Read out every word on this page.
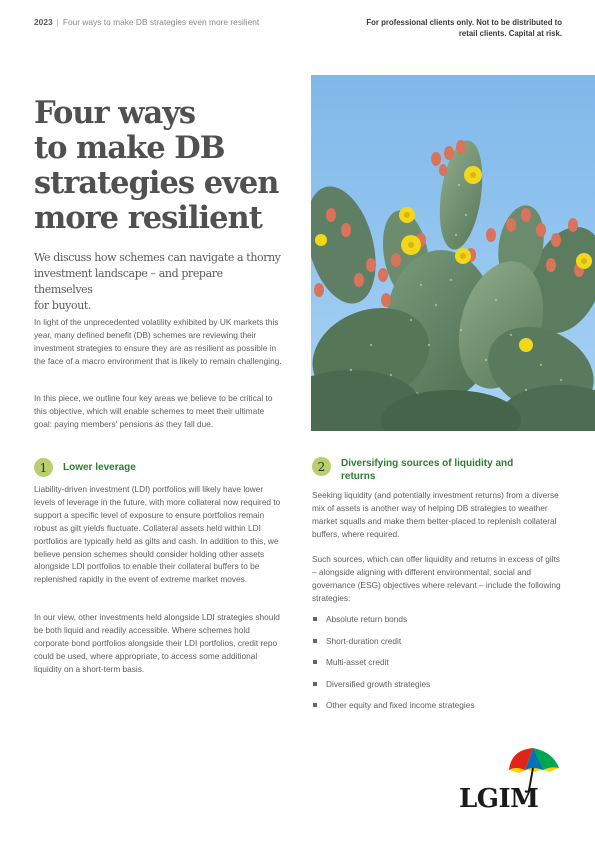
2023 | Four ways to make DB strategies even more resilient	For professional clients only. Not to be distributed to retail clients. Capital at risk.
Four ways
to make DB
strategies even
more resilient

We discuss how schemes can navigate a thorny
investment landscape – and prepare themselves
for buyout.

In light of the unprecedented volatility exhibited by UK markets this year, many defined benefit (DB) schemes are reviewing their investment strategies to ensure they are as resilient as possible in the face of a macro environment that is likely to remain challenging.

In this piece, we outline four key areas we believe to be critical to this objective, which will enable schemes to meet their ultimate goal: paying members' pensions as they fall due.

1	Lower leverage

Liability-driven investment (LDI) portfolios will likely have lower levels of leverage in the future, with more collateral now required to support a specific level of exposure to ensure portfolios remain robust as gilt yields fluctuate. Collateral assets held within LDI portfolios are typically held as gilts and cash. In addition to this, we believe pension schemes should consider holding other assets alongside LDI portfolios to enable their collateral buffers to be replenished rapidly in the event of extreme market moves.

In our view, other investments held alongside LDI strategies should be both liquid and readily accessible. Where schemes hold corporate bond portfolios alongside their LDI portfolios, credit repo could be used, where appropriate, to access some additional liquidity on a short-term basis.

2	Diversifying sources of liquidity and returns

Seeking liquidity (and potentially investment returns) from a diverse mix of assets is another way of helping DB strategies to weather market squalls and make them better-placed to replenish collateral buffers, where required.

Such sources, which can offer liquidity and returns in excess of gilts – alongside aligning with different environmental, social and governance (ESG) objectives where relevant – include the following strategies:

Absolute return bonds
Short-duration credit
Multi-asset credit
Diversified growth strategies
Other equity and fixed income strategies
LGIM
